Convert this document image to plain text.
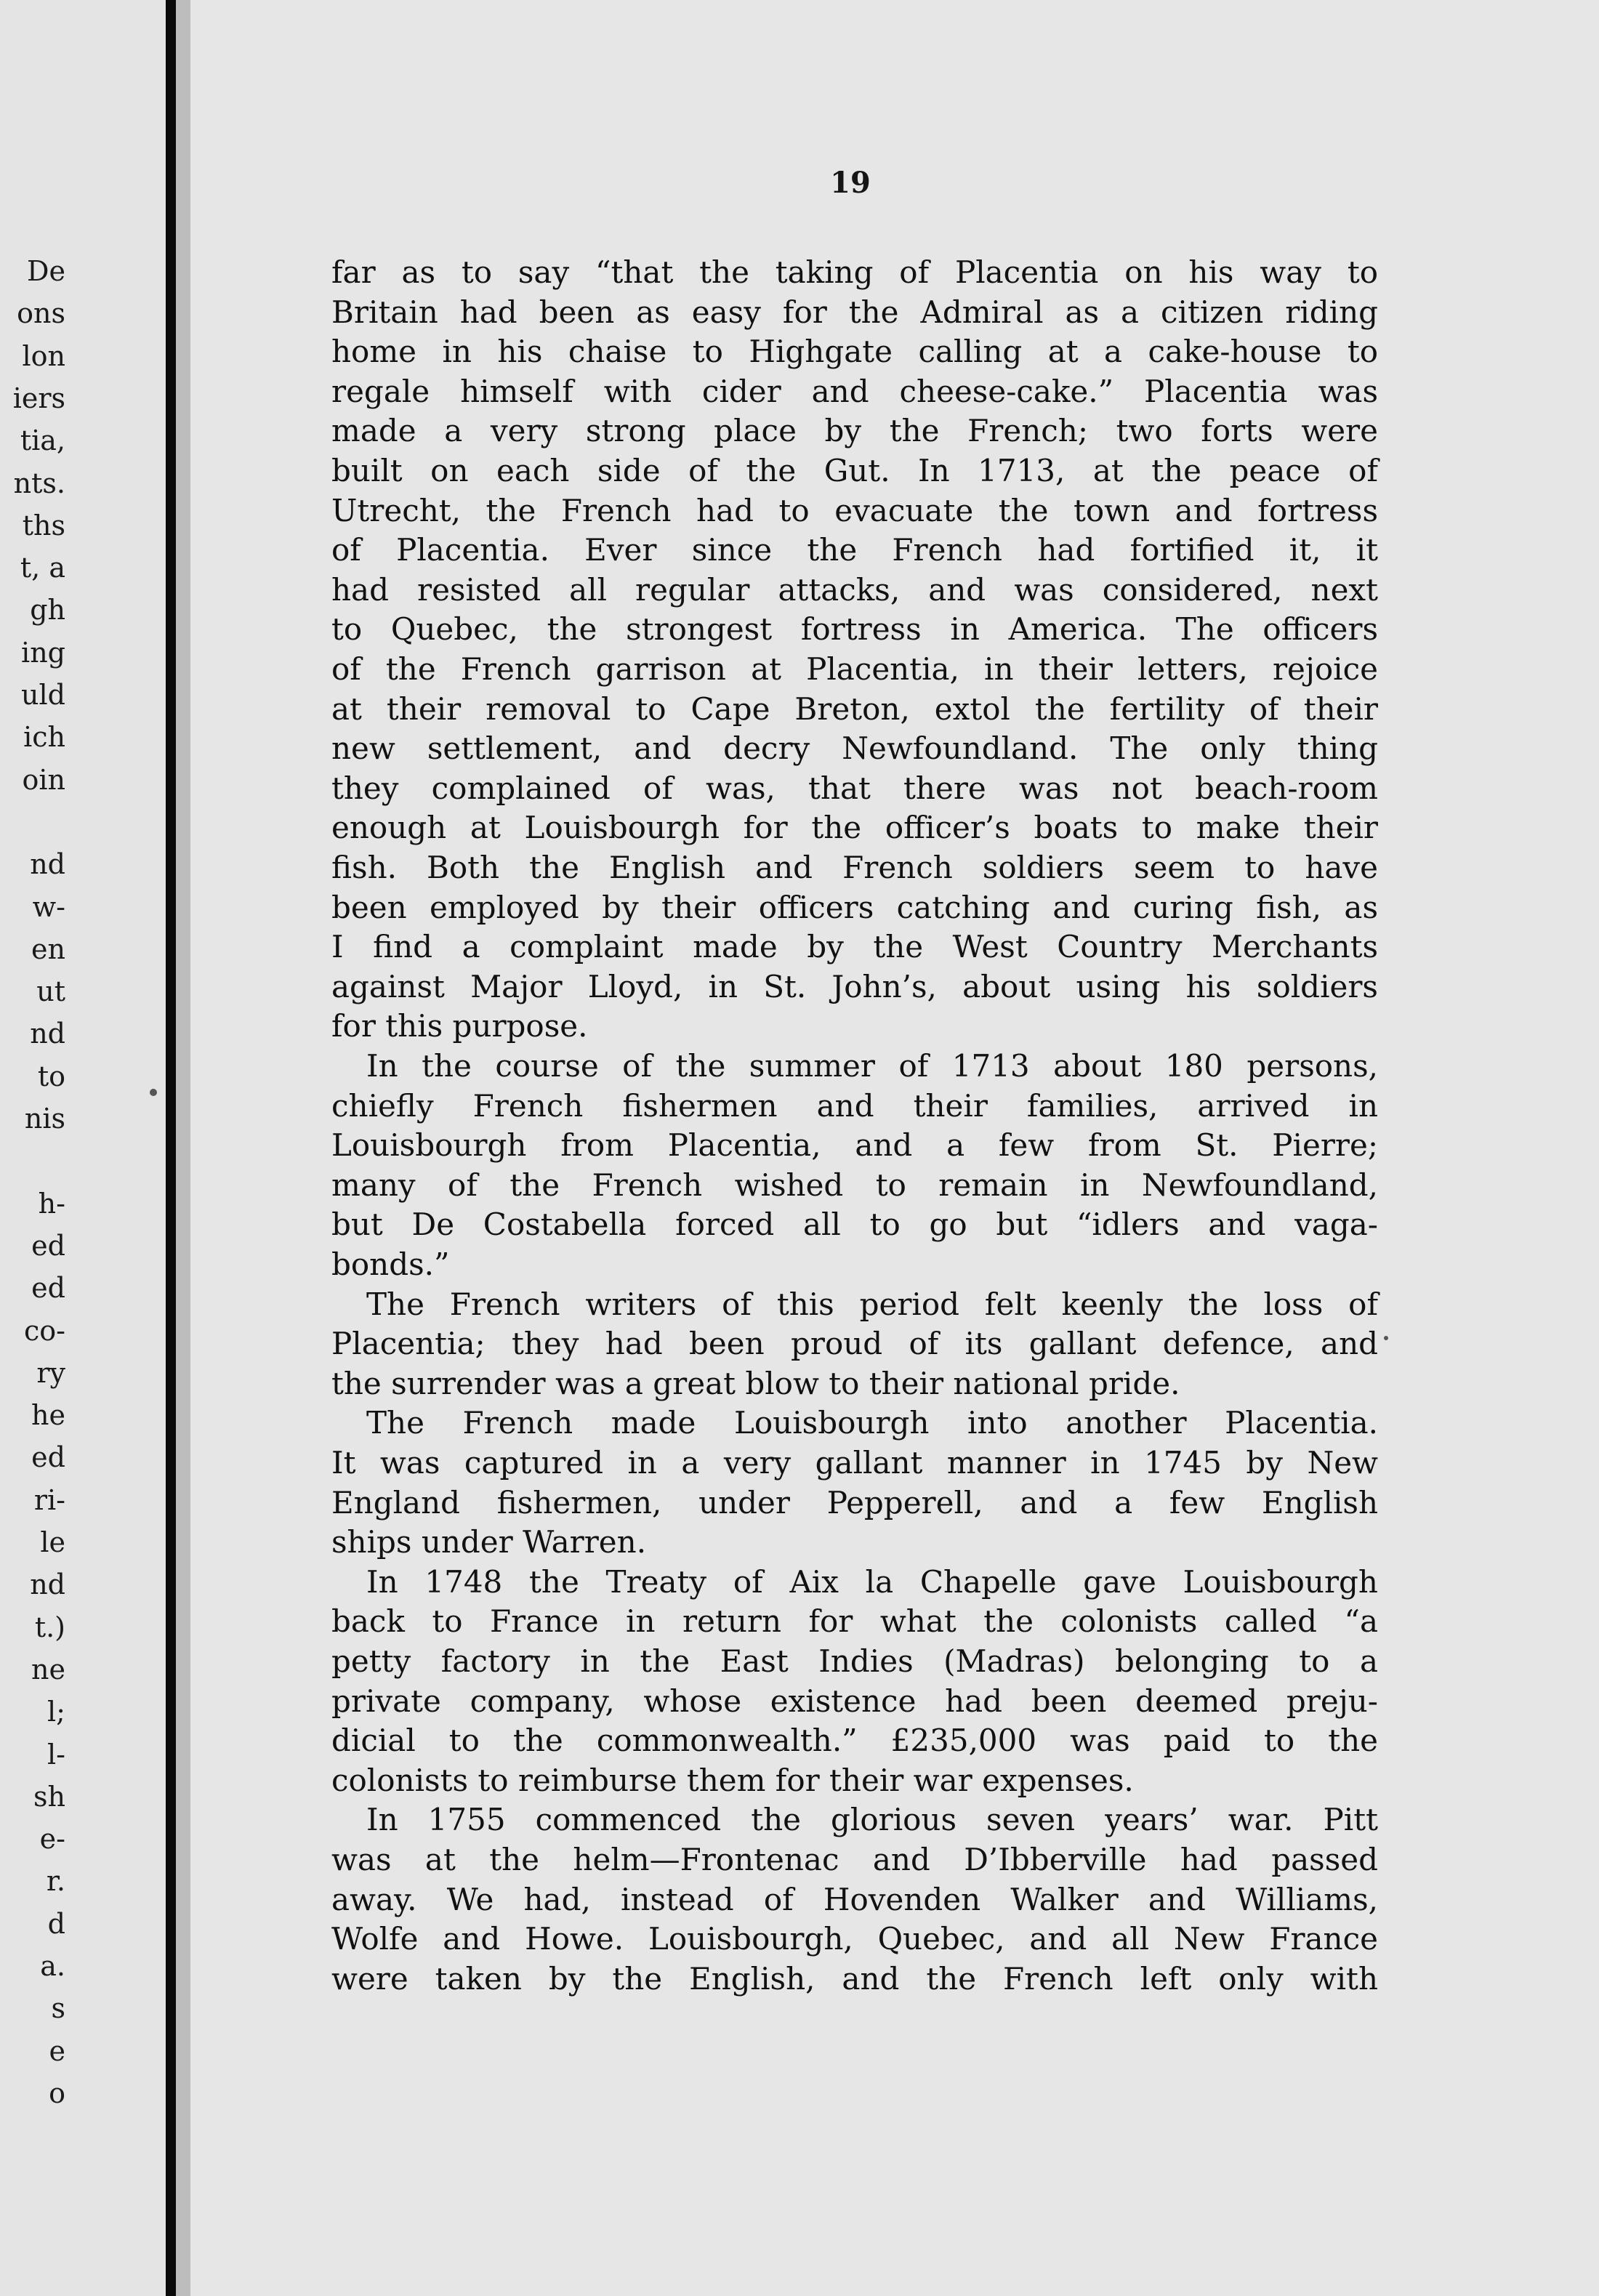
De
ons
lon
iers
tia,
nts.
ths
t, a
gh
ing
uld
ich
oin
nd
w-
en
ut
nd
to
nis
h-
ed
ed
co-
ry
he
ed
ri-
le
nd
t.)
ne
l;
l-
sh
e-
r.
d
a.
s
e
o
19
far as to say “that the taking of Placentia on his way to
Britain had been as easy for the Admiral as a citizen riding
home in his chaise to Highgate calling at a cake-house to
regale himself with cider and cheese-cake.” Placentia was
made a very strong place by the French; two forts were
built on each side of the Gut. In 1713, at the peace of
Utrecht, the French had to evacuate the town and fortress
of Placentia. Ever since the French had fortified it, it
had resisted all regular attacks, and was considered, next
to Quebec, the strongest fortress in America. The officers
of the French garrison at Placentia, in their letters, rejoice
at their removal to Cape Breton, extol the fertility of their
new settlement, and decry Newfoundland. The only thing
they complained of was, that there was not beach-room
enough at Louisbourgh for the officer’s boats to make their
fish. Both the English and French soldiers seem to have
been employed by their officers catching and curing fish, as
I find a complaint made by the West Country Merchants
against Major Lloyd, in St. John’s, about using his soldiers
for this purpose.
In the course of the summer of 1713 about 180 persons,
chiefly French fishermen and their families, arrived in
Louisbourgh from Placentia, and a few from St. Pierre;
many of the French wished to remain in Newfoundland,
but De Costabella forced all to go but “idlers and vaga-
bonds.”
The French writers of this period felt keenly the loss of
Placentia; they had been proud of its gallant defence, and
the surrender was a great blow to their national pride.
The French made Louisbourgh into another Placentia.
It was captured in a very gallant manner in 1745 by New
England fishermen, under Pepperell, and a few English
ships under Warren.
In 1748 the Treaty of Aix la Chapelle gave Louisbourgh
back to France in return for what the colonists called “a
petty factory in the East Indies (Madras) belonging to a
private company, whose existence had been deemed preju-
dicial to the commonwealth.” £235,000 was paid to the
colonists to reimburse them for their war expenses.
In 1755 commenced the glorious seven years’ war. Pitt
was at the helm—Frontenac and D’Ibberville had passed
away. We had, instead of Hovenden Walker and Williams,
Wolfe and Howe. Louisbourgh, Quebec, and all New France
were taken by the English, and the French left only with
